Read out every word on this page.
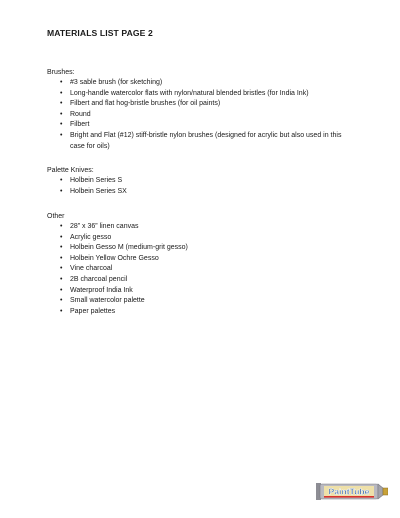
MATERIALS LIST PAGE 2

Brushes:

• #3 sable brush (for sketching)
• Long-handle watercolor flats with nylon/natural blended bristles (for India Ink)
• Filbert and flat hog-bristle brushes (for oil paints)
• Round
• Filbert
• Bright and Flat (#12) stiff-bristle nylon brushes (designed for acrylic but also used in this case for oils)

Palette Knives:

• Holbein Series S
• Holbein Series SX

Other

• 28” x 36” linen canvas
• Acrylic gesso
• Holbein Gesso M (medium-grit gesso)
• Holbein Yellow Ochre Gesso
• Vine charcoal
• 2B charcoal pencil
• Waterproof India Ink
• Small watercolor palette
• Paper palettes
PaintTube
